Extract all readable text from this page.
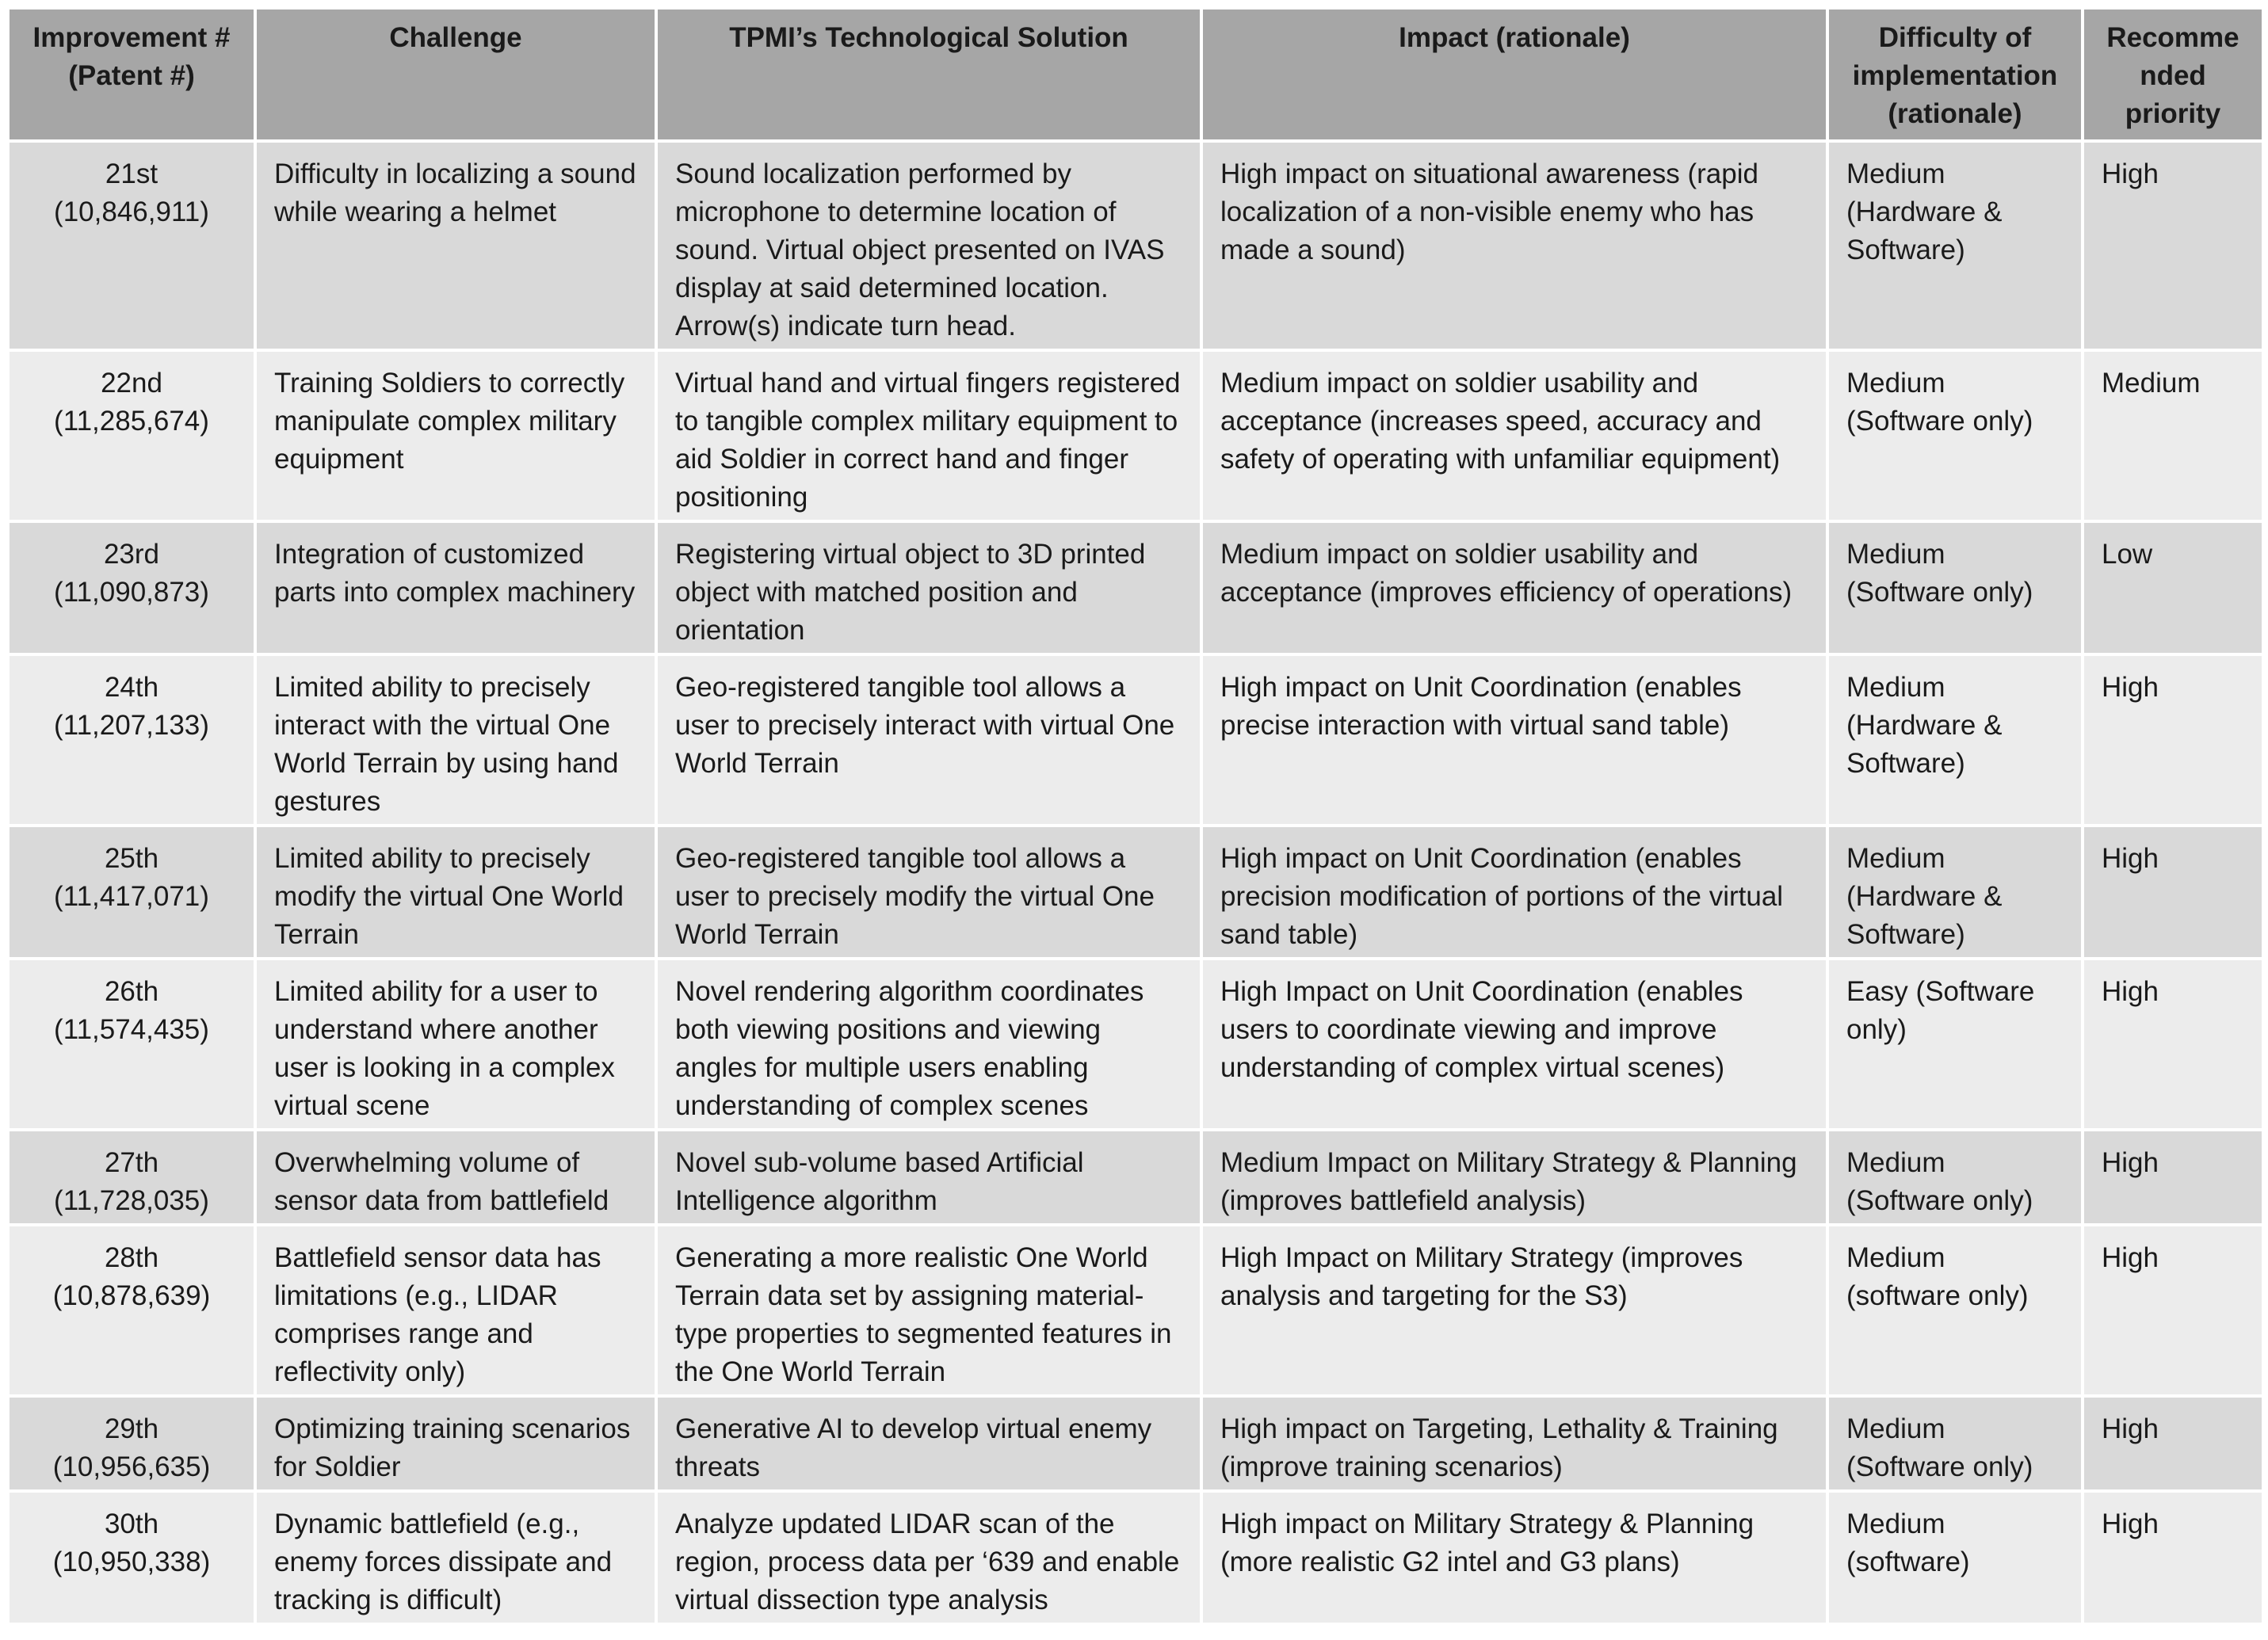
Improvement #
(Patent #)	Challenge	TPMI’s Technological Solution	Impact (rationale)	Difficulty of
implementation
(rationale)	Recomme
nded
priority

21st
(10,846,911)	Difficulty in localizing a sound while wearing a helmet	Sound localization performed by microphone to determine location of sound. Virtual object presented on IVAS display at said determined location. Arrow(s) indicate turn head.	High impact on situational awareness (rapid localization of a non-visible enemy who has made a sound)	Medium (Hardware & Software)	High

22nd
(11,285,674)	Training Soldiers to correctly manipulate complex military equipment	Virtual hand and virtual fingers registered to tangible complex military equipment to aid Soldier in correct hand and finger positioning	Medium impact on soldier usability and acceptance (increases speed, accuracy and safety of operating with unfamiliar equipment)	Medium (Software only)	Medium

23rd
(11,090,873)	Integration of customized parts into complex machinery	Registering virtual object to 3D printed object with matched position and orientation	Medium impact on soldier usability and acceptance (improves efficiency of operations)	Medium (Software only)	Low

24th
(11,207,133)	Limited ability to precisely interact with the virtual One World Terrain by using hand gestures	Geo-registered tangible tool allows a user to precisely interact with virtual One World Terrain	High impact on Unit Coordination (enables precise interaction with virtual sand table)	Medium (Hardware & Software)	High

25th
(11,417,071)	Limited ability to precisely modify the virtual One World Terrain	Geo-registered tangible tool allows a user to precisely modify the virtual One World Terrain	High impact on Unit Coordination (enables precision modification of portions of the virtual sand table)	Medium (Hardware & Software)	High

26th
(11,574,435)	Limited ability for a user to understand where another user is looking in a complex virtual scene	Novel rendering algorithm coordinates both viewing positions and viewing angles for multiple users enabling understanding of complex scenes	High Impact on Unit Coordination (enables users to coordinate viewing and improve understanding of complex virtual scenes)	Easy (Software only)	High

27th
(11,728,035)	Overwhelming volume of sensor data from battlefield	Novel sub-volume based Artificial Intelligence algorithm	Medium Impact on Military Strategy & Planning (improves battlefield analysis)	Medium (Software only)	High

28th
(10,878,639)	Battlefield sensor data has limitations (e.g., LIDAR comprises range and reflectivity only)	Generating a more realistic One World Terrain data set by assigning material-type properties to segmented features in the One World Terrain	High Impact on Military Strategy (improves analysis and targeting for the S3)	Medium (software only)	High

29th
(10,956,635)	Optimizing training scenarios for Soldier	Generative AI to develop virtual enemy threats	High impact on Targeting, Lethality & Training (improve training scenarios)	Medium (Software only)	High

30th
(10,950,338)	Dynamic battlefield (e.g., enemy forces dissipate and tracking is difficult)	Analyze updated LIDAR scan of the region, process data per ‘639 and enable virtual dissection type analysis	High impact on Military Strategy & Planning (more realistic G2 intel and G3 plans)	Medium (software)	High
